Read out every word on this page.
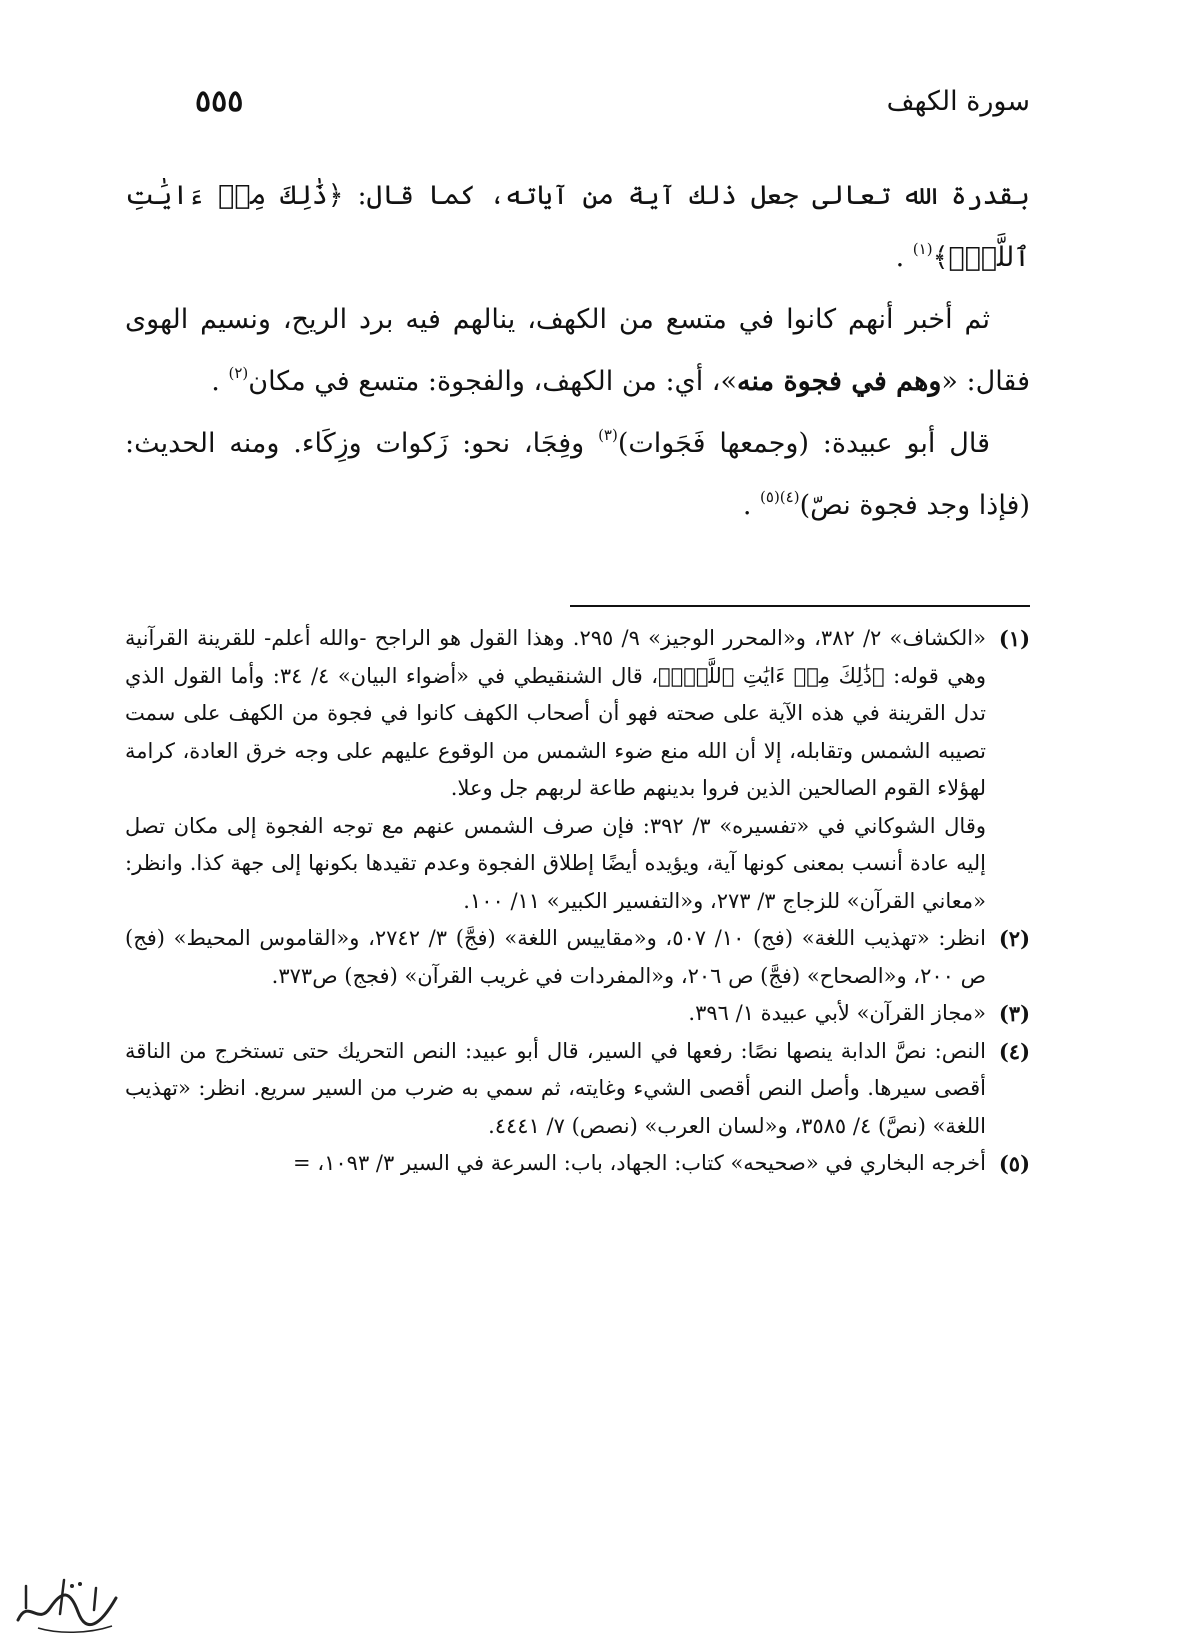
٥٥٥	سورة الكهف

بقدرة الله تعالى جعل ذلك آية من آياته، كما قال: ﴿ذَٰلِكَ مِنۡ ءَايَٰتِ ٱللَّهِۗ﴾$^{(١)}$ .

ثم أخبر أنهم كانوا في متسع من الكهف، ينالهم فيه برد الريح، ونسيم الهوى فقال: «وهم في فجوة منه»، أي: من الكهف، والفجوة: متسع في مكان$^{(٢)}$ .

قال أبو عبيدة: (وجمعها فَجَوات)$^{(٣)}$ وفِجَا، نحو: زَكوات وزِكَاء. ومنه الحديث: (فإذا وجد فجوة نصّ)$^{(٤)(٥)}$ .

(١)

«الكشاف» ٢/ ٣٨٢، و«المحرر الوجيز» ٩/ ٢٩٥. وهذا القول هو الراجح -والله أعلم- للقرينة القرآنية وهي قوله: ﴿ذَٰلِكَ مِنۡ ءَايَٰتِ ٱللَّهِۗ﴾، قال الشنقيطي في «أضواء البيان» ٤/ ٣٤: وأما القول الذي تدل القرينة في هذه الآية على صحته فهو أن أصحاب الكهف كانوا في فجوة من الكهف على سمت تصيبه الشمس وتقابله، إلا أن الله منع ضوء الشمس من الوقوع عليهم على وجه خرق العادة، كرامة لهؤلاء القوم الصالحين الذين فروا بدينهم طاعة لربهم جل وعلا.

وقال الشوكاني في «تفسيره» ٣/ ٣٩٢: فإن صرف الشمس عنهم مع توجه الفجوة إلى مكان تصل إليه عادة أنسب بمعنى كونها آية، ويؤيده أيضًا إطلاق الفجوة وعدم تقيدها بكونها إلى جهة كذا. وانظر: «معاني القرآن» للزجاج ٣/ ٢٧٣، و«التفسير الكبير» ١١/ ١٠٠.

(٢)

انظر: «تهذيب اللغة» (فج) ١٠/ ٥٠٧، و«مقاييس اللغة» (فجَّ) ٣/ ٢٧٤٢، و«القاموس المحيط» (فج) ص ٢٠٠، و«الصحاح» (فجَّ) ص ٢٠٦، و«المفردات في غريب القرآن» (فجج) ص٣٧٣.

(٣)

«مجاز القرآن» لأبي عبيدة ١/ ٣٩٦.

(٤)

النص: نصَّ الدابة ينصها نصًا: رفعها في السير، قال أبو عبيد: النص التحريك حتى تستخرج من الناقة أقصى سيرها. وأصل النص أقصى الشيء وغايته، ثم سمي به ضرب من السير سريع. انظر: «تهذيب اللغة» (نصَّ) ٤/ ٣٥٨٥، و«لسان العرب» (نصص) ٧/ ٤٤٤١.

(٥)

أخرجه البخاري في «صحيحه» كتاب: الجهاد، باب: السرعة في السير ٣/ ١٠٩٣، =
